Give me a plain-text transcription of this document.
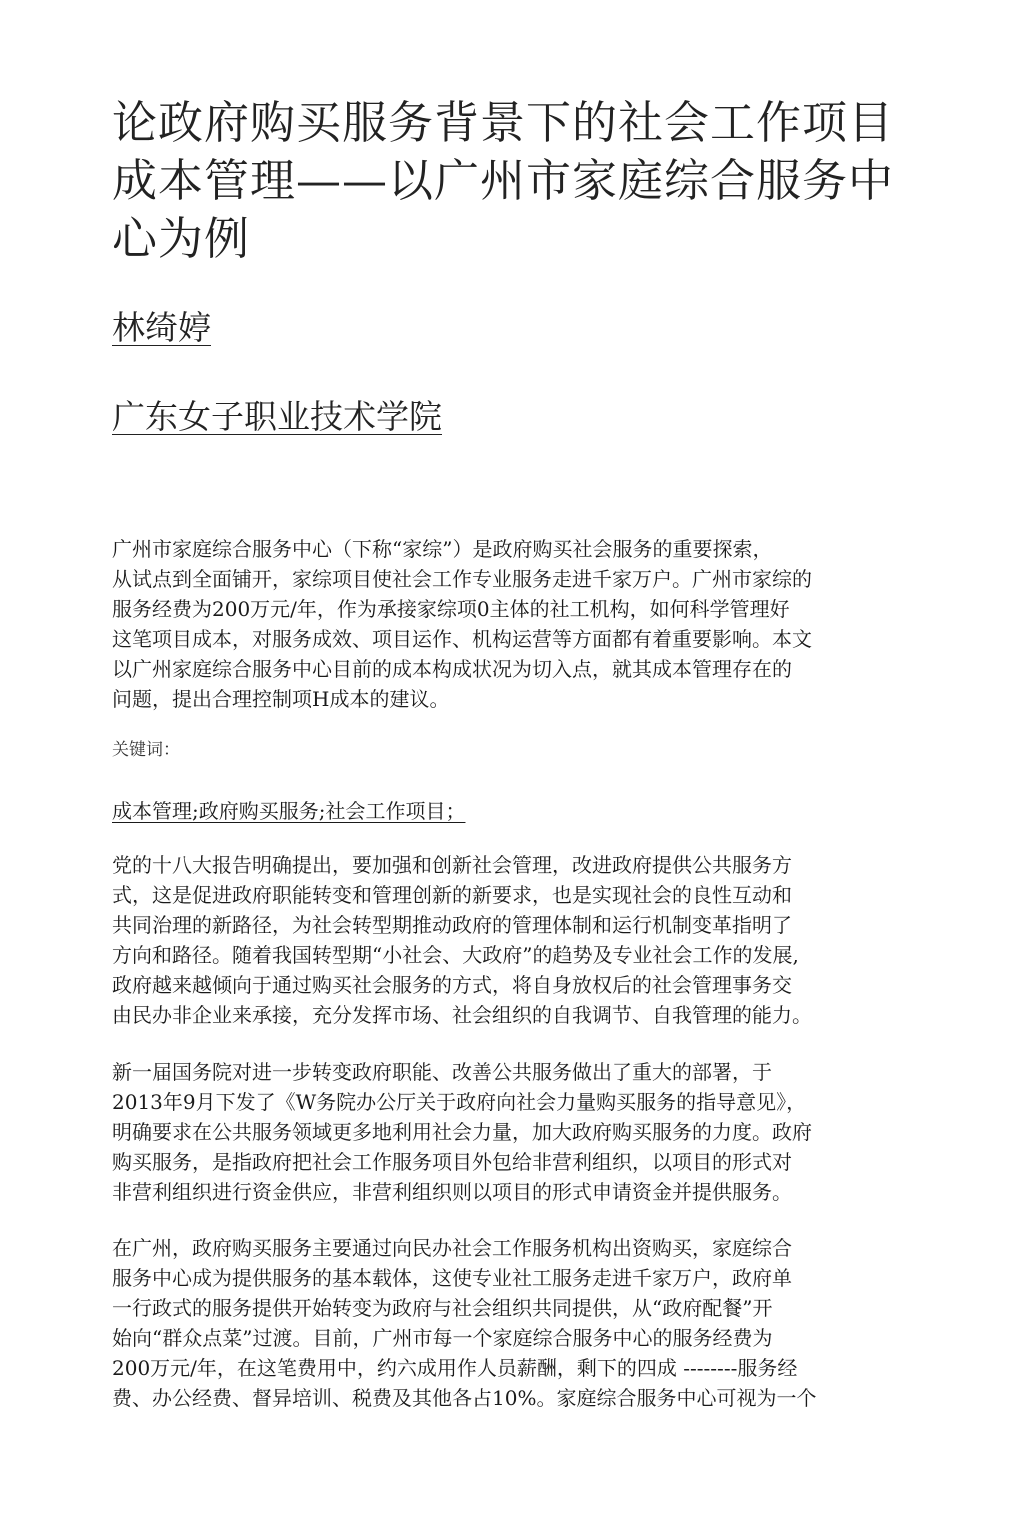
论政府购买服务背景下的社会工作项目
成本管理——以广州市家庭综合服务中
心为例
林绮婷
广东女子职业技术学院

广州市家庭综合服务中心（下称“家综”）是政府购买社会服务的重要探索，
从试点到全面铺开，家综项目使社会工作专业服务走进千家万户。广州市家综的
服务经费为200万元/年，作为承接家综项0主体的社工机构，如何科学管理好
这笔项目成本，对服务成效、项目运作、机构运营等方面都有着重要影响。本文
以广州家庭综合服务中心目前的成本构成状况为切入点，就其成本管理存在的
问题，提出合理控制项H成本的建议。

关键词：
成本管理;政府购买服务;社会工作项目；

党的十八大报告明确提出，要加强和创新社会管理，改进政府提供公共服务方
式，这是促进政府职能转变和管理创新的新要求，也是实现社会的良性互动和
共同治理的新路径，为社会转型期推动政府的管理体制和运行机制变革指明了
方向和路径。随着我国转型期“小社会、大政府”的趋势及专业社会工作的发展,
政府越来越倾向于通过购买社会服务的方式，将自身放权后的社会管理事务交
由民办非企业来承接，充分发挥市场、社会组织的自我调节、自我管理的能力。

新一届国务院对进一步转变政府职能、改善公共服务做出了重大的部署，于
2013年9月下发了《W务院办公厅关于政府向社会力量购买服务的指导意见》，
明确要求在公共服务领域更多地利用社会力量，加大政府购买服务的力度。政府
购买服务，是指政府把社会工作服务项目外包给非营利组织，以项目的形式对
非营利组织进行资金供应，非营利组织则以项目的形式申请资金并提供服务。

在广州，政府购买服务主要通过向民办社会工作服务机构出资购买，家庭综合
服务中心成为提供服务的基本载体，这使专业社工服务走进千家万户，政府单
一行政式的服务提供开始转变为政府与社会组织共同提供，从“政府配餐”开
始向“群众点菜”过渡。目前，广州市每一个家庭综合服务中心的服务经费为
200万元/年，在这笔费用中，约六成用作人员薪酬，剩下的四成 --------服务经
费、办公经费、督异培训、税费及其他各占10%。家庭综合服务中心可视为一个
